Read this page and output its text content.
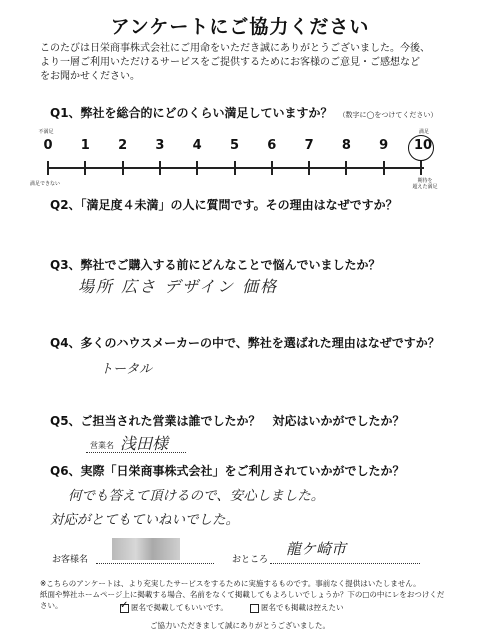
アンケートにご協力ください
このたびは日栄商事株式会社にご用命をいただき誠にありがとうございました。今後、
より一層ご利用いただけるサービスをご提供するためにお客様のご意見・ご感想など
をお聞かせください。
Q1、弊社を総合的にどのくらい満足していますか？ （数字に◯をつけてください）
不満足	満足
0 1 2 3 4 5 6 7 8 9 10
満足できない	期待を
超えた満足
Q2、「満足度４未満」の人に質問です。その理由はなぜですか？
Q3、弊社でご購入する前にどんなことで悩んでいましたか？
場所 広さ デザイン 価格
Q4、多くのハウスメーカーの中で、弊社を選ばれた理由はなぜですか？
トータル
Q5、ご担当された営業は誰でしたか？　対応はいかがでしたか？
営業名 浅田様
Q6、実際「日栄商事株式会社」をご利用されていかがでしたか？
何でも答えて頂けるので、安心しました。
対応がとてもていねいでした。
お客様名	おところ
龍ケ崎市
※こちらのアンケートは、より充実したサービスをするために実施するものです。事前なく提供はいたしません。
紙面や弊社ホームページ上に掲載する場合、名前をなくて掲載してもよろしいでしょうか？下の□の中にレをおつけください。
✓	匿名で掲載してもいいです。	匿名でも掲載は控えたい
ご協力いただきまして誠にありがとうございました。
